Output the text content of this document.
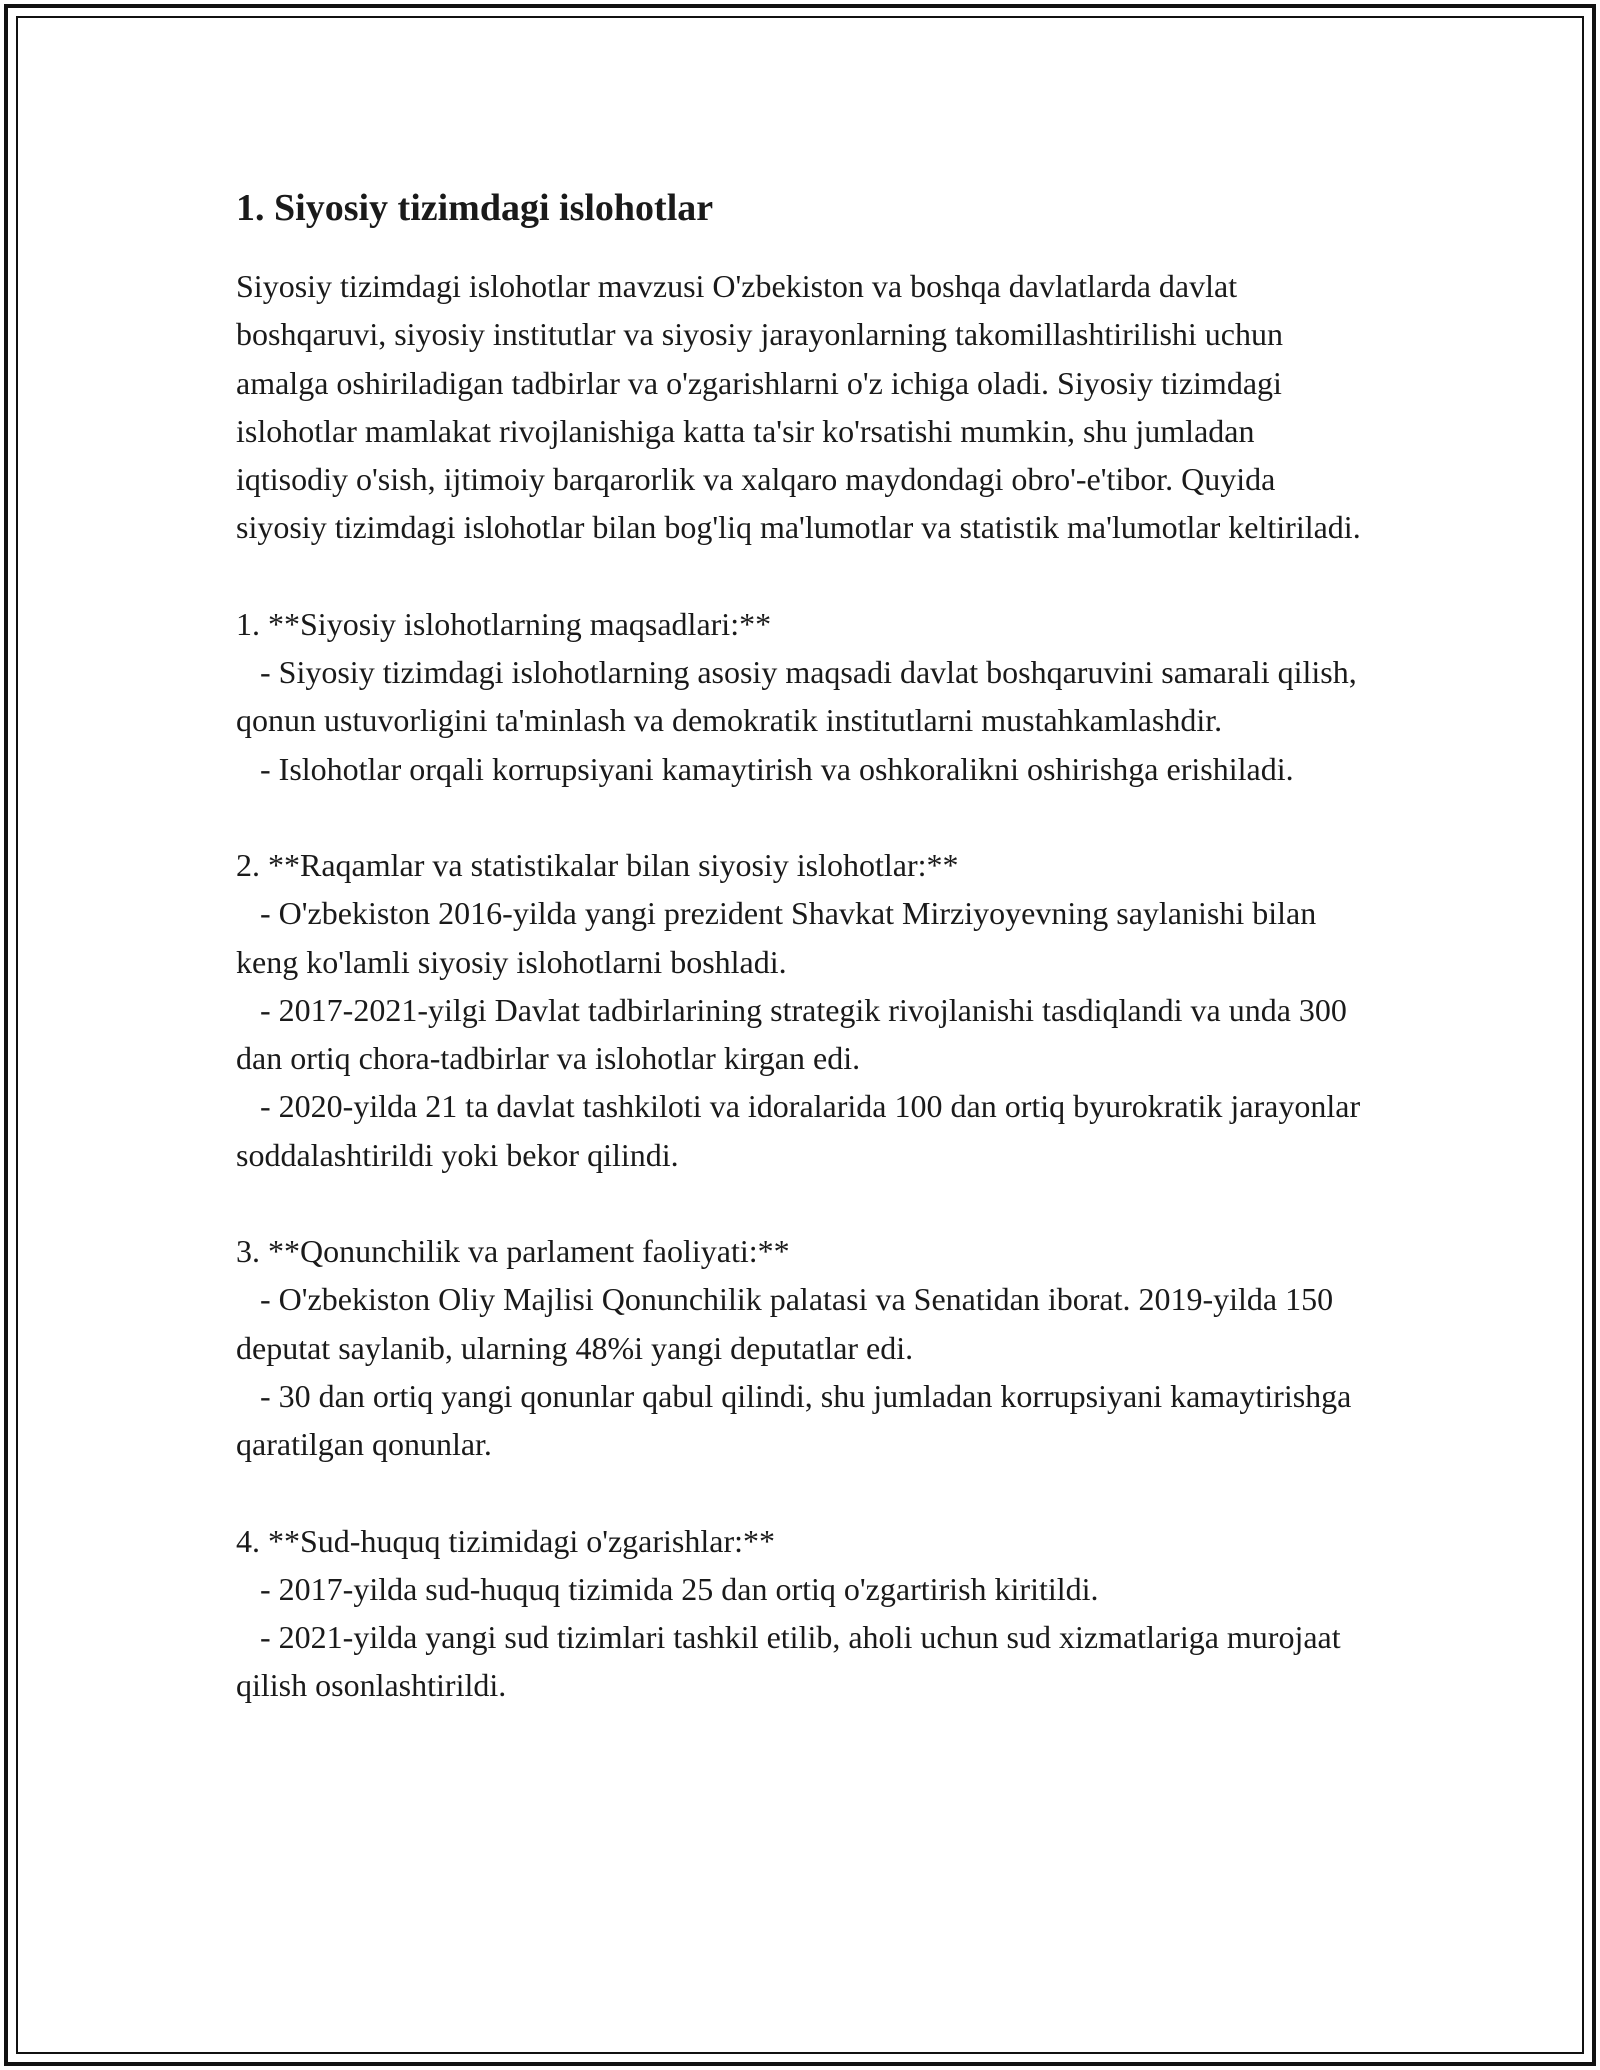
1. Siyosiy tizimdagi islohotlar

Siyosiy tizimdagi islohotlar mavzusi O'zbekiston va boshqa davlatlarda davlat boshqaruvi, siyosiy institutlar va siyosiy jarayonlarning takomillashtirilishi uchun amalga oshiriladigan tadbirlar va o'zgarishlarni o'z ichiga oladi. Siyosiy tizimdagi islohotlar mamlakat rivojlanishiga katta ta'sir ko'rsatishi mumkin, shu jumladan iqtisodiy o'sish, ijtimoiy barqarorlik va xalqaro maydondagi obro'-e'tibor. Quyida siyosiy tizimdagi islohotlar bilan bog'liq ma'lumotlar va statistik ma'lumotlar keltiriladi.

1. **Siyosiy islohotlarning maqsadlari:**
- Siyosiy tizimdagi islohotlarning asosiy maqsadi davlat boshqaruvini samarali qilish, qonun ustuvorligini ta'minlash va demokratik institutlarni mustahkamlashdir.
- Islohotlar orqali korrupsiyani kamaytirish va oshkoralikni oshirishga erishiladi.
2. **Raqamlar va statistikalar bilan siyosiy islohotlar:**
- O'zbekiston 2016-yilda yangi prezident Shavkat Mirziyoyevning saylanishi bilan keng ko'lamli siyosiy islohotlarni boshladi.
- 2017-2021-yilgi Davlat tadbirlarining strategik rivojlanishi tasdiqlandi va unda 300 dan ortiq chora-tadbirlar va islohotlar kirgan edi.
- 2020-yilda 21 ta davlat tashkiloti va idoralarida 100 dan ortiq byurokratik jarayonlar soddalashtirildi yoki bekor qilindi.
3. **Qonunchilik va parlament faoliyati:**
- O'zbekiston Oliy Majlisi Qonunchilik palatasi va Senatidan iborat. 2019-yilda 150 deputat saylanib, ularning 48%i yangi deputatlar edi.
- 30 dan ortiq yangi qonunlar qabul qilindi, shu jumladan korrupsiyani kamaytirishga qaratilgan qonunlar.
4. **Sud-huquq tizimidagi o'zgarishlar:**
- 2017-yilda sud-huquq tizimida 25 dan ortiq o'zgartirish kiritildi.
- 2021-yilda yangi sud tizimlari tashkil etilib, aholi uchun sud xizmatlariga murojaat qilish osonlashtirildi.
